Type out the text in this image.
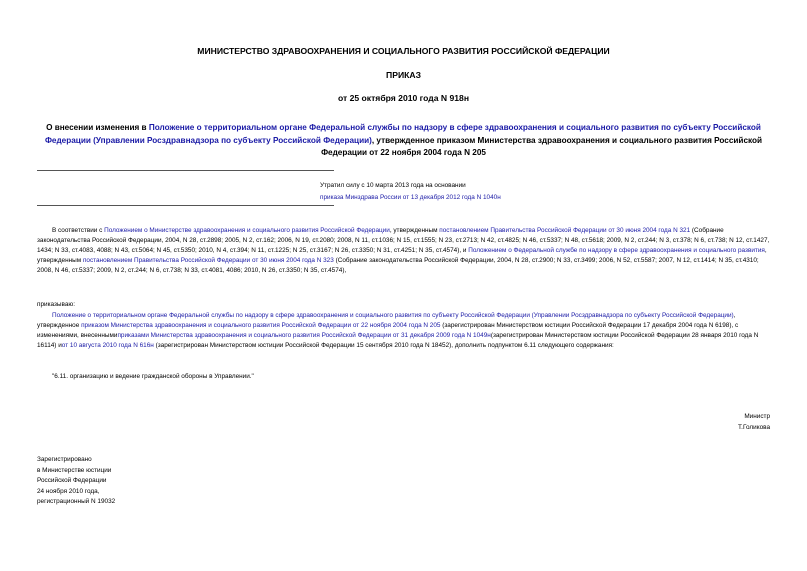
МИНИСТЕРСТВО ЗДРАВООХРАНЕНИЯ И СОЦИАЛЬНОГО РАЗВИТИЯ РОССИЙСКОЙ ФЕДЕРАЦИИ
ПРИКАЗ
от 25 октября 2010 года N 918н
О внесении изменения в Положение о территориальном органе Федеральной службы по надзору в сфере здравоохранения и социального развития по субъекту Российской Федерации (Управлении Росздравнадзора по субъекту Российской Федерации), утвержденное приказом Министерства здравоохранения и социального развития Российской Федерации от 22 ноября 2004 года N 205
Утратил силу с 10 марта 2013 года на основании
приказа Минздрава России от 13 декабря 2012 года N 1040н
В соответствии с Положением о Министерстве здравоохранения и социального развития Российской Федерации, утвержденным постановлением Правительства Российской Федерации от 30 июня 2004 года N 321 (Собрание законодательства Российской Федерации, 2004, N 28, ст.2898; 2005, N 2, ст.162; 2006, N 19, ст.2080; 2008, N 11, ст.1036; N 15, ст.1555; N 23, ст.2713; N 42, ст.4825; N 46, ст.5337; N 48, ст.5618; 2009, N 2, ст.244; N 3, ст.378; N 6, ст.738; N 12, ст.1427, 1434; N 33, ст.4083, 4088; N 43, ст.5064; N 45, ст.5350; 2010, N 4, ст.394; N 11, ст.1225; N 25, ст.3167; N 26, ст.3350; N 31, ст.4251; N 35, ст.4574), и Положением о Федеральной службе по надзору в сфере здравоохранения и социального развития, утвержденным постановлением Правительства Российской Федерации от 30 июня 2004 года N 323 (Собрание законодательства Российской Федерации, 2004, N 28, ст.2900; N 33, ст.3499; 2006, N 52, ст.5587; 2007, N 12, ст.1414; N 35, ст.4310; 2008, N 46, ст.5337; 2009, N 2, ст.244; N 6, ст.738; N 33, ст.4081, 4086; 2010, N 26, ст.3350; N 35, ст.4574),
приказываю:
Положение о территориальном органе Федеральной службы по надзору в сфере здравоохранения и социального развития по субъекту Российской Федерации (Управлении Росздравнадзора по субъекту Российской Федерации), утвержденное приказом Министерства здравоохранения и социального развития Российской Федерации от 22 ноября 2004 года N 205 (зарегистрирован Министерством юстиции Российской Федерации 17 декабря 2004 года N 6198), с изменениями, внесеннымиприказами Министерства здравоохранения и социального развития Российской Федерации от 31 декабря 2009 года N 1049н(зарегистрирован Министерством юстиции Российской Федерации 28 января 2010 года N 16114) иот 10 августа 2010 года N 616н (зарегистрирован Министерством юстиции Российской Федерации 15 сентября 2010 года N 18452), дополнить подпунктом 6.11 следующего содержания:
"6.11. организацию и ведение гражданской обороны в Управлении."
Министр
Т.Голикова
Зарегистрировано
в Министерстве юстиции
Российской Федерации
24 ноября 2010 года,
регистрационный N 19032
